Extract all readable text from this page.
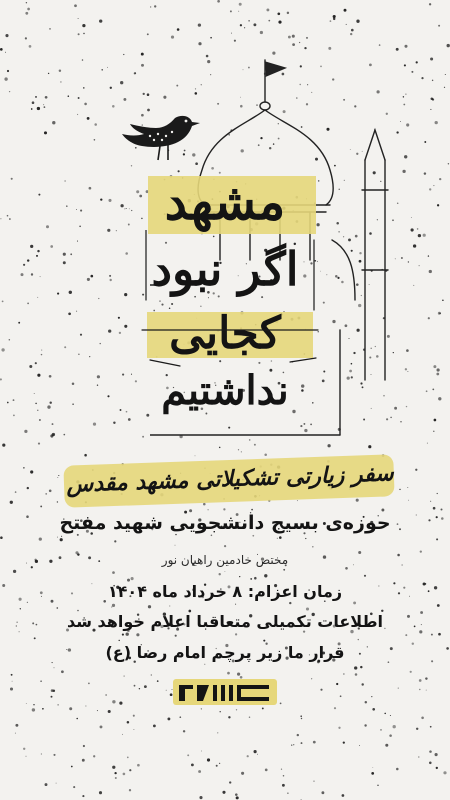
مشهد
اگر نبود
کجایی
نداشتیم
سفر زیارتی تشکیلاتی مشهد مقدس
حوزه‌ی بسیج دانشجویی شهید مفتح
مختص خادمین راهیان نور
زمان اعزام: ۸ خرداد ماه ۱۴۰۴
اطلاعات تکمیلی متعاقبا اعلام خواهد شد
قرار ما زیر پرچم امام رضا (ع)
